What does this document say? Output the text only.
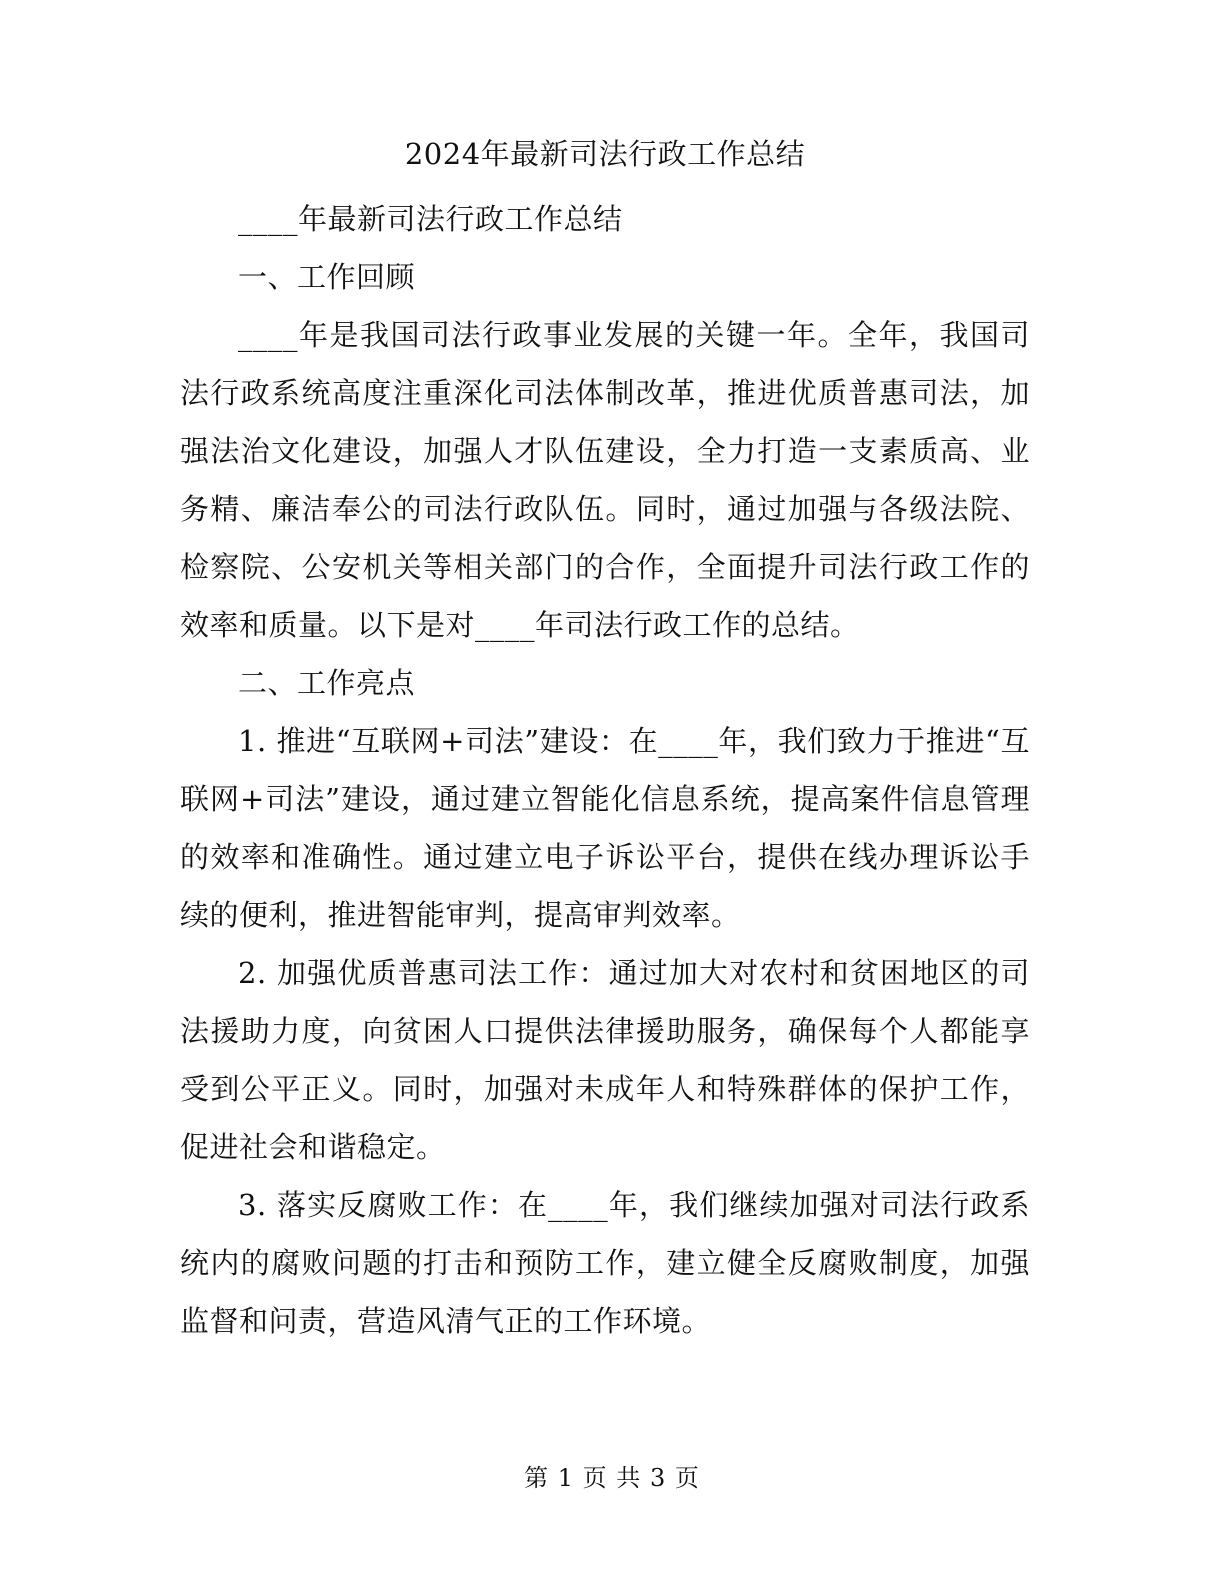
2024年最新司法行政工作总结

____年最新司法行政工作总结

一、工作回顾

____年是我国司法行政事业发展的关键一年。全年，我国司法行政系统高度注重深化司法体制改革，推进优质普惠司法，加强法治文化建设，加强人才队伍建设，全力打造一支素质高、业务精、廉洁奉公的司法行政队伍。同时，通过加强与各级法院、检察院、公安机关等相关部门的合作，全面提升司法行政工作的效率和质量。以下是对____年司法行政工作的总结。

二、工作亮点

1. 推进“互联网+司法”建设：在____年，我们致力于推进“互联网+司法”建设，通过建立智能化信息系统，提高案件信息管理的效率和准确性。通过建立电子诉讼平台，提供在线办理诉讼手续的便利，推进智能审判，提高审判效率。

2. 加强优质普惠司法工作：通过加大对农村和贫困地区的司法援助力度，向贫困人口提供法律援助服务，确保每个人都能享受到公平正义。同时，加强对未成年人和特殊群体的保护工作，促进社会和谐稳定。

3. 落实反腐败工作：在____年，我们继续加强对司法行政系统内的腐败问题的打击和预防工作，建立健全反腐败制度，加强监督和问责，营造风清气正的工作环境。

第 1 页 共 3 页
